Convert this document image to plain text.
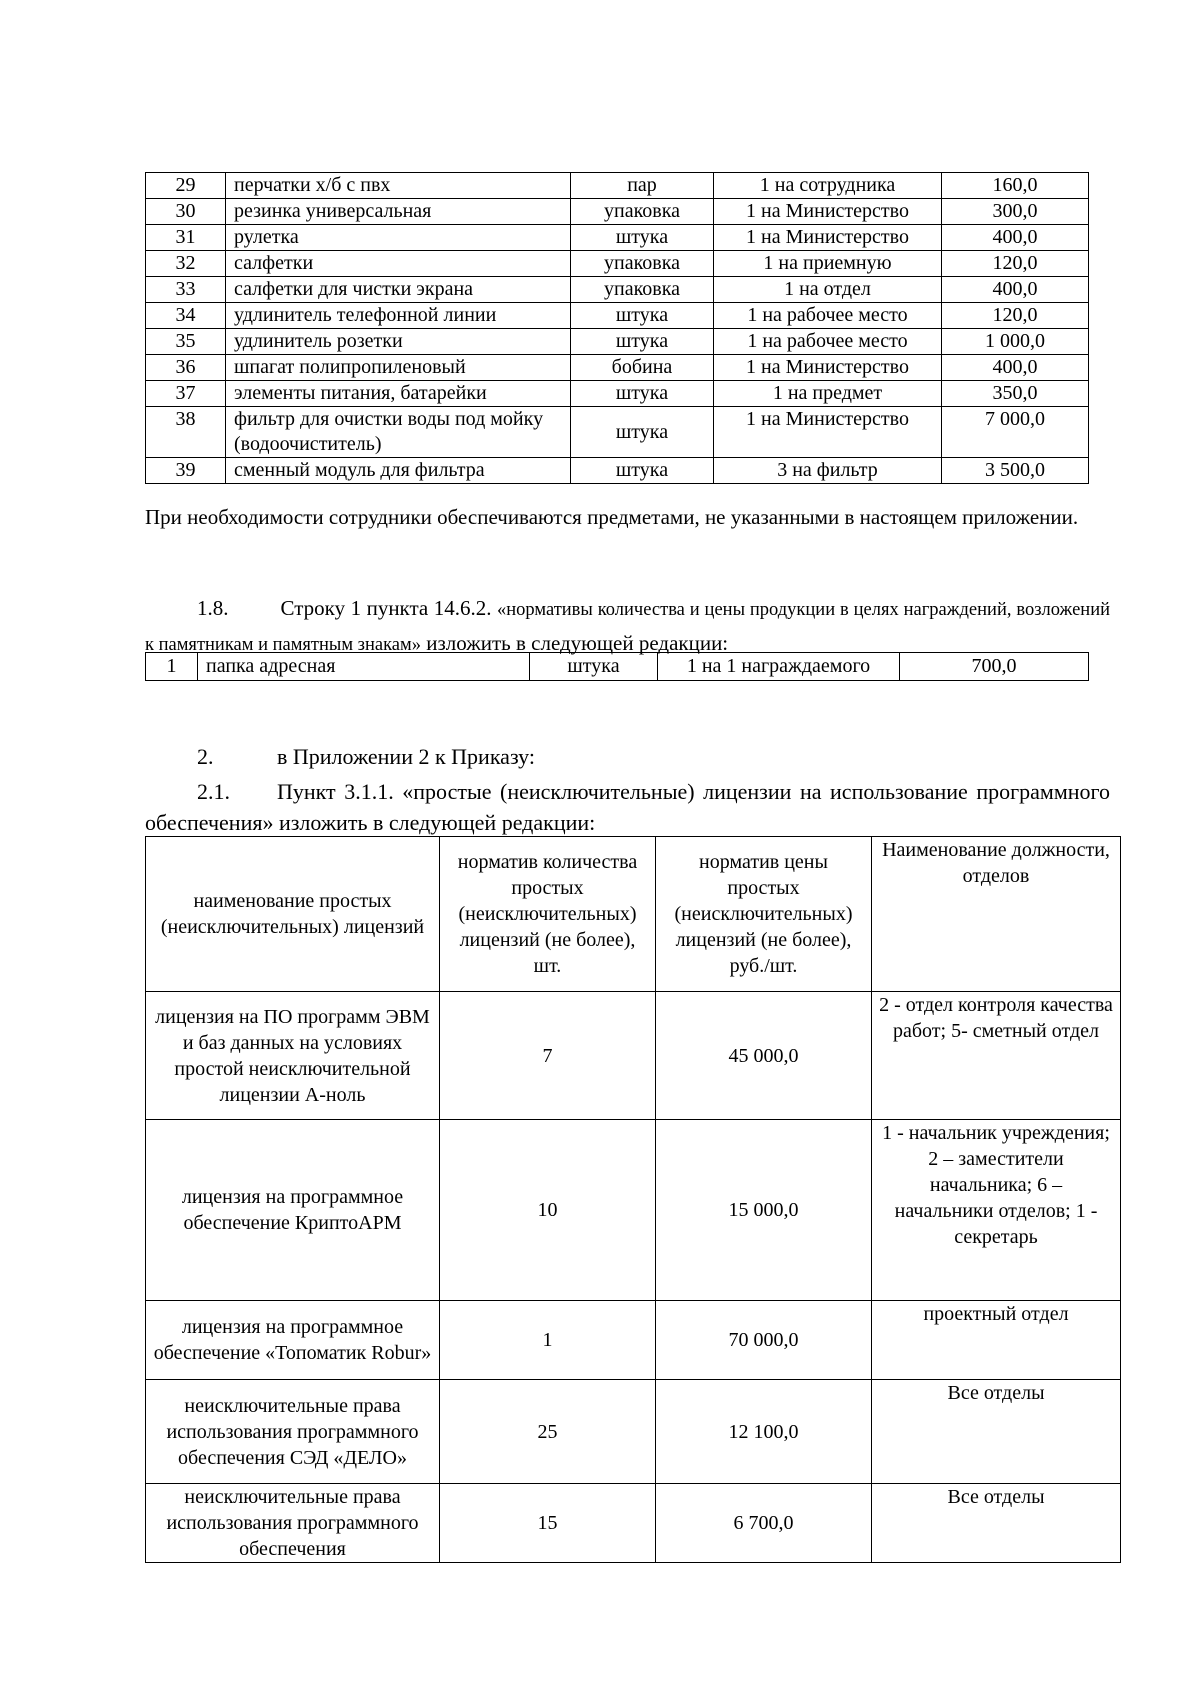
29	перчатки х/б с пвх	пар	1 на сотрудника	160,0
30	резинка универсальная	упаковка	1 на Министерство	300,0
31	рулетка	штука	1 на Министерство	400,0
32	салфетки	упаковка	1 на приемную	120,0
33	салфетки для чистки экрана	упаковка	1 на отдел	400,0
34	удлинитель телефонной линии	штука	1 на рабочее место	120,0
35	удлинитель розетки	штука	1 на рабочее место	1 000,0
36	шпагат полипропиленовый	бобина	1 на Министерство	400,0
37	элементы питания, батарейки	штука	1 на предмет	350,0
38	фильтр для очистки воды под мойку (водоочиститель)	штука	1 на Министерство	7 000,0
39	сменный модуль для фильтра	штука	3 на фильтр	3 500,0

При необходимости сотрудники обеспечиваются предметами, не указанными в настоящем приложении.

1.8. Строку 1 пункта 14.6.2. «нормативы количества и цены продукции в целях награждений, возложений к памятникам и памятным знакам» изложить в следующей редакции:

1	папка адресная	штука	1 на 1 награждаемого	700,0

2.	в Приложении 2 к Приказу:

2.1. Пункт 3.1.1. «простые (неисключительные) лицензии на использование программного обеспечения» изложить в следующей редакции:

наименование простых (неисключительных) лицензий	норматив количества простых (неисключительных) лицензий (не более), шт.	норматив цены простых (неисключительных) лицензий (не более), руб./шт.	Наименование должности, отделов
лицензия на ПО программ ЭВМ и баз данных на условиях простой неисключительной лицензии А-ноль	7	45 000,0	2 - отдел контроля качества работ; 5- сметный отдел
лицензия на программное обеспечение КриптоАРМ	10	15 000,0	1 - начальник учреждения; 2 – заместители начальника; 6 – начальники отделов; 1 - секретарь
лицензия на программное обеспечение «Топоматик Robur»	1	70 000,0	проектный отдел
неисключительные права использования программного обеспечения СЭД «ДЕЛО»	25	12 100,0	Все отделы
неисключительные права использования программного обеспечения	15	6 700,0	Все отделы
